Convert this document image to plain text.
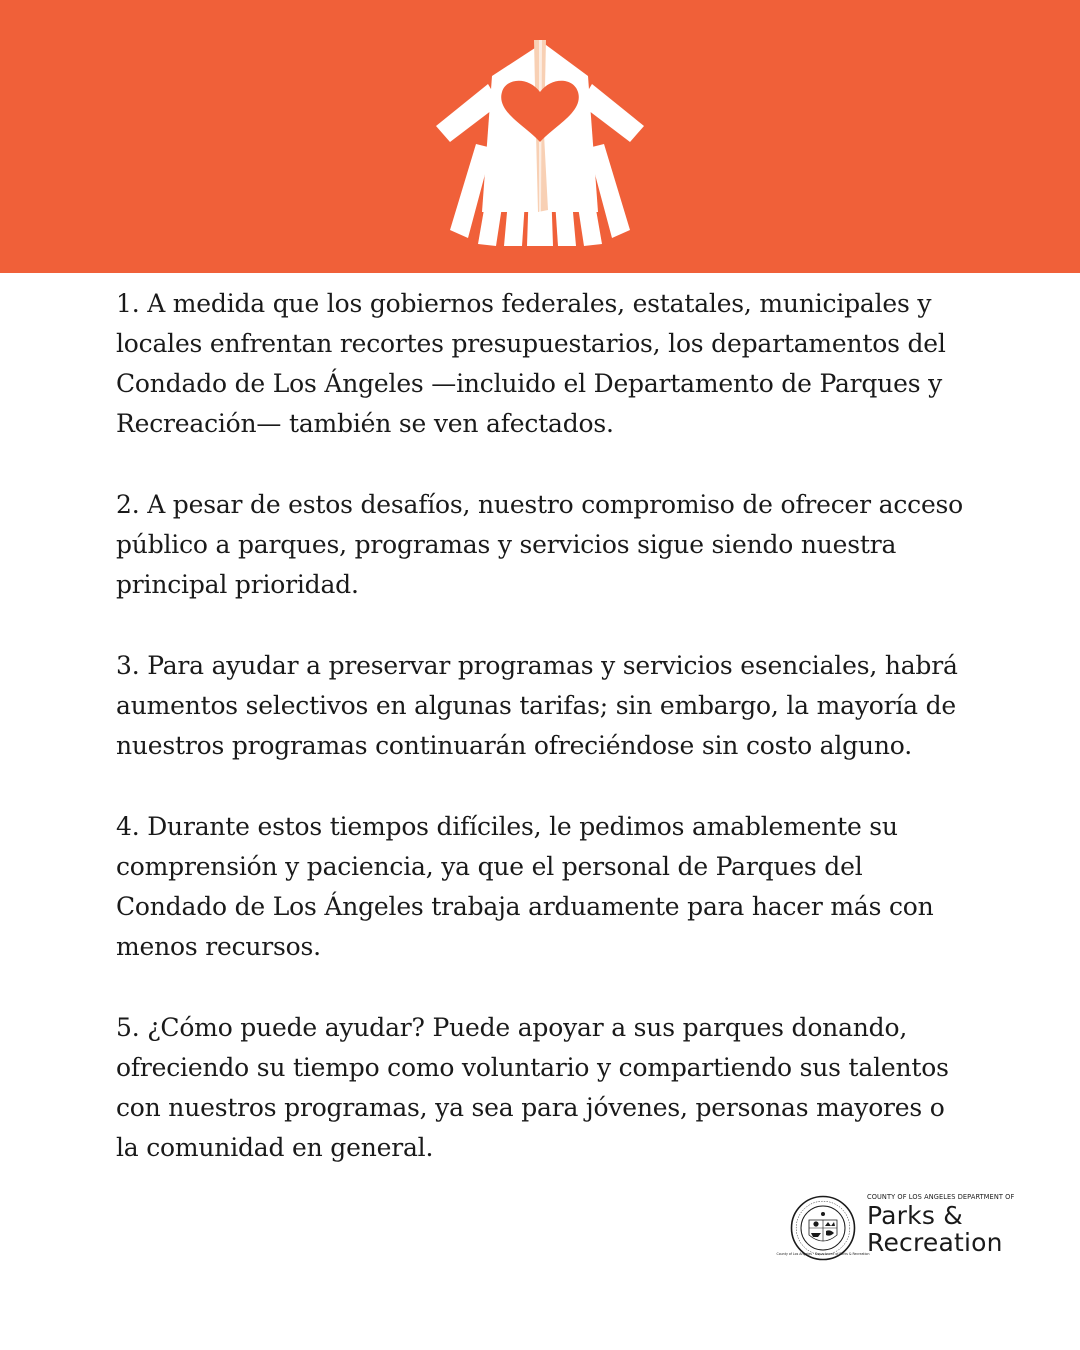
1. A medida que los gobiernos federales, estatales, municipales y locales enfrentan recortes presupuestarios, los departamentos del Condado de Los Ángeles —incluido el Departamento de Parques y Recreación— también se ven afectados.

2. A pesar de estos desafíos, nuestro compromiso de ofrecer acceso público a parques, programas y servicios sigue siendo nuestra principal prioridad.

3. Para ayudar a preservar programas y servicios esenciales, habrá aumentos selectivos en algunas tarifas; sin embargo, la mayoría de nuestros programas continuarán ofreciéndose sin costo alguno.

4. Durante estos tiempos difíciles, le pedimos amablemente su comprensión y paciencia, ya que el personal de Parques del Condado de Los Ángeles trabaja arduamente para hacer más con menos recursos.

5. ¿Cómo puede ayudar? Puede apoyar a sus parques donando, ofreciendo su tiempo como voluntario y compartiendo sus talentos con nuestros programas, ya sea para jóvenes, personas mayores o la comunidad en general.

County of Los Angeles · Department of Parks & Recreation
COUNTY OF LOS ANGELES DEPARTMENT OF
Parks &
Recreation
